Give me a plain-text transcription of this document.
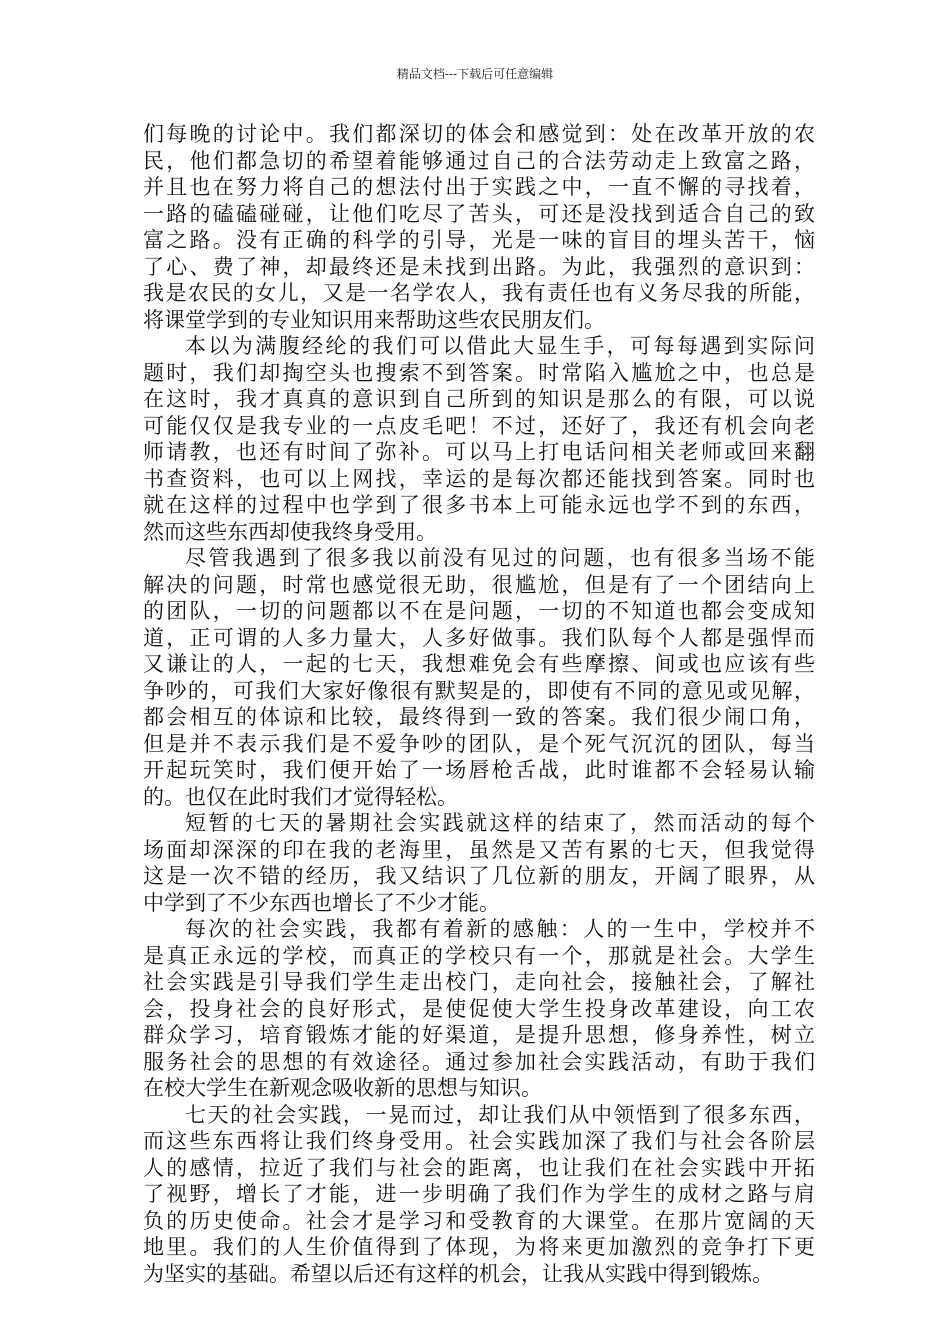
精品文档---下载后可任意编辑
们每晚的讨论中。我们都深切的体会和感觉到：处在改革开放的农
民，他们都急切的希望着能够通过自己的合法劳动走上致富之路，
并且也在努力将自己的想法付出于实践之中，一直不懈的寻找着，
一路的磕磕碰碰，让他们吃尽了苦头，可还是没找到适合自己的致
富之路。没有正确的科学的引导，光是一味的盲目的埋头苦干，恼
了心、费了神，却最终还是未找到出路。为此，我强烈的意识到：
我是农民的女儿，又是一名学农人，我有责任也有义务尽我的所能，
将课堂学到的专业知识用来帮助这些农民朋友们。
本以为满腹经纶的我们可以借此大显生手，可每每遇到实际问
题时，我们却掏空头也搜索不到答案。时常陷入尴尬之中，也总是
在这时，我才真真的意识到自己所到的知识是那么的有限，可以说
可能仅仅是我专业的一点皮毛吧！不过，还好了，我还有机会向老
师请教，也还有时间了弥补。可以马上打电话问相关老师或回来翻
书查资料，也可以上网找，幸运的是每次都还能找到答案。同时也
就在这样的过程中也学到了很多书本上可能永远也学不到的东西，
然而这些东西却使我终身受用。
尽管我遇到了很多我以前没有见过的问题，也有很多当场不能
解决的问题，时常也感觉很无助，很尴尬，但是有了一个团结向上
的团队，一切的问题都以不在是问题，一切的不知道也都会变成知
道，正可谓的人多力量大，人多好做事。我们队每个人都是强悍而
又谦让的人，一起的七天，我想难免会有些摩擦、间或也应该有些
争吵的，可我们大家好像很有默契是的，即使有不同的意见或见解，
都会相互的体谅和比较，最终得到一致的答案。我们很少闹口角，
但是并不表示我们是不爱争吵的团队，是个死气沉沉的团队，每当
开起玩笑时，我们便开始了一场唇枪舌战，此时谁都不会轻易认输
的。也仅在此时我们才觉得轻松。
短暂的七天的暑期社会实践就这样的结束了，然而活动的每个
场面却深深的印在我的老海里，虽然是又苦有累的七天，但我觉得
这是一次不错的经历，我又结识了几位新的朋友，开阔了眼界，从
中学到了不少东西也增长了不少才能。
每次的社会实践，我都有着新的感触：人的一生中，学校并不
是真正永远的学校，而真正的学校只有一个，那就是社会。大学生
社会实践是引导我们学生走出校门，走向社会，接触社会，了解社
会，投身社会的良好形式，是使促使大学生投身改革建设，向工农
群众学习，培育锻炼才能的好渠道，是提升思想，修身养性，树立
服务社会的思想的有效途径。通过参加社会实践活动，有助于我们
在校大学生在新观念吸收新的思想与知识。
七天的社会实践，一晃而过，却让我们从中领悟到了很多东西，
而这些东西将让我们终身受用。社会实践加深了我们与社会各阶层
人的感情，拉近了我们与社会的距离，也让我们在社会实践中开拓
了视野，增长了才能，进一步明确了我们作为学生的成材之路与肩
负的历史使命。社会才是学习和受教育的大课堂。在那片宽阔的天
地里。我们的人生价值得到了体现，为将来更加激烈的竞争打下更
为坚实的基础。希望以后还有这样的机会，让我从实践中得到锻炼。
